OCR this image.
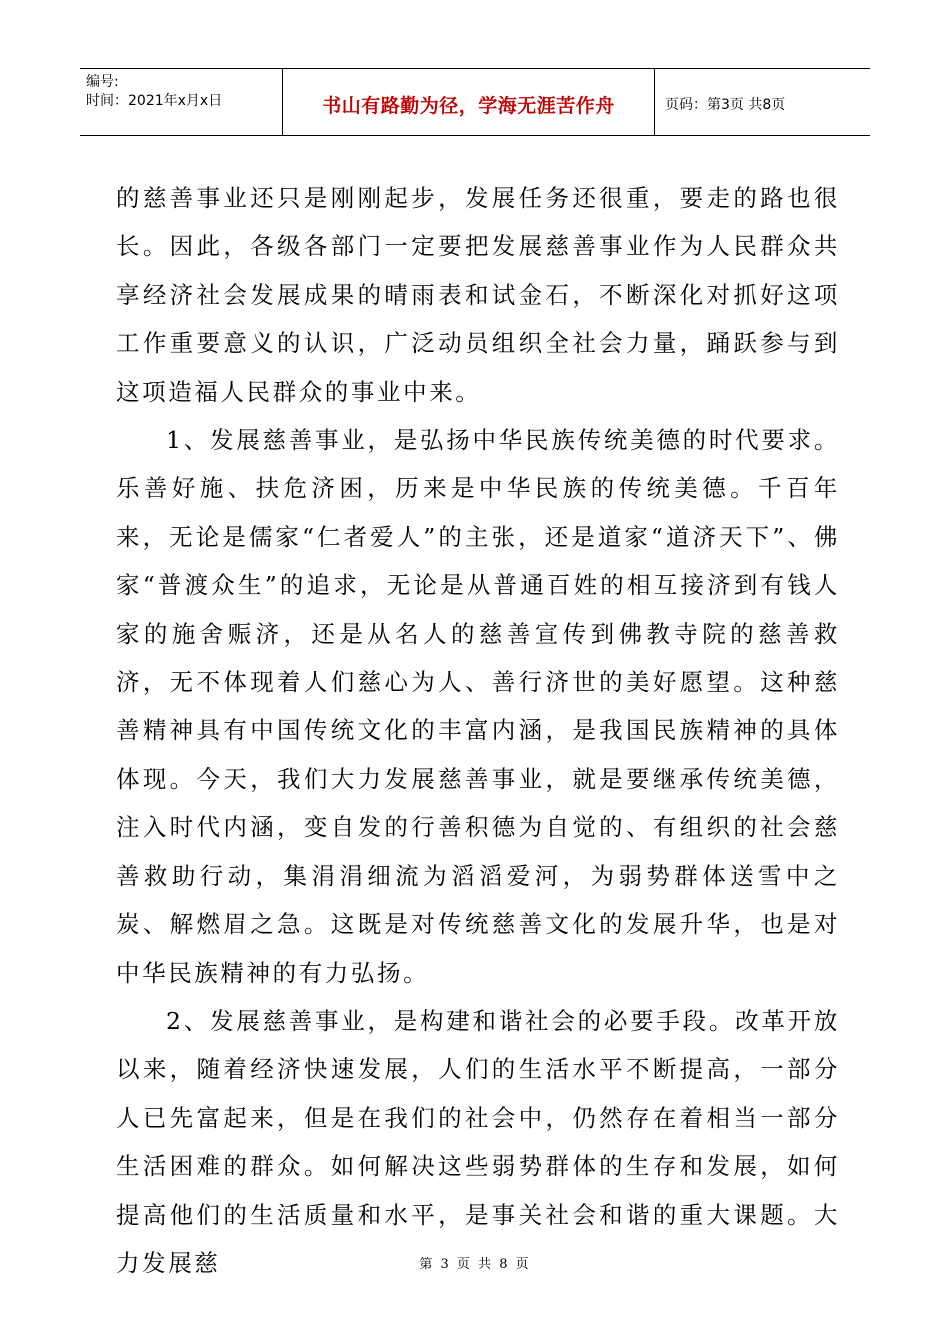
编号:
时间：2021年x月x日	书山有路勤为径，学海无涯苦作舟	页码：第3页 共8页

的慈善事业还只是刚刚起步，发展任务还很重，要走的路也很长。因此，各级各部门一定要把发展慈善事业作为人民群众共享经济社会发展成果的晴雨表和试金石，不断深化对抓好这项工作重要意义的认识，广泛动员组织全社会力量，踊跃参与到这项造福人民群众的事业中来。

1、发展慈善事业，是弘扬中华民族传统美德的时代要求。乐善好施、扶危济困，历来是中华民族的传统美德。千百年来，无论是儒家“仁者爱人”的主张，还是道家“道济天下”、佛家“普渡众生”的追求，无论是从普通百姓的相互接济到有钱人家的施舍赈济，还是从名人的慈善宣传到佛教寺院的慈善救济，无不体现着人们慈心为人、善行济世的美好愿望。这种慈善精神具有中国传统文化的丰富内涵，是我国民族精神的具体体现。今天，我们大力发展慈善事业，就是要继承传统美德，注入时代内涵，变自发的行善积德为自觉的、有组织的社会慈善救助行动，集涓涓细流为滔滔爱河，为弱势群体送雪中之炭、解燃眉之急。这既是对传统慈善文化的发展升华，也是对中华民族精神的有力弘扬。

2、发展慈善事业，是构建和谐社会的必要手段。改革开放以来，随着经济快速发展，人们的生活水平不断提高，一部分人已先富起来，但是在我们的社会中，仍然存在着相当一部分生活困难的群众。如何解决这些弱势群体的生存和发展，如何提高他们的生活质量和水平，是事关社会和谐的重大课题。大力发展慈	第 3 页 共 8 页
